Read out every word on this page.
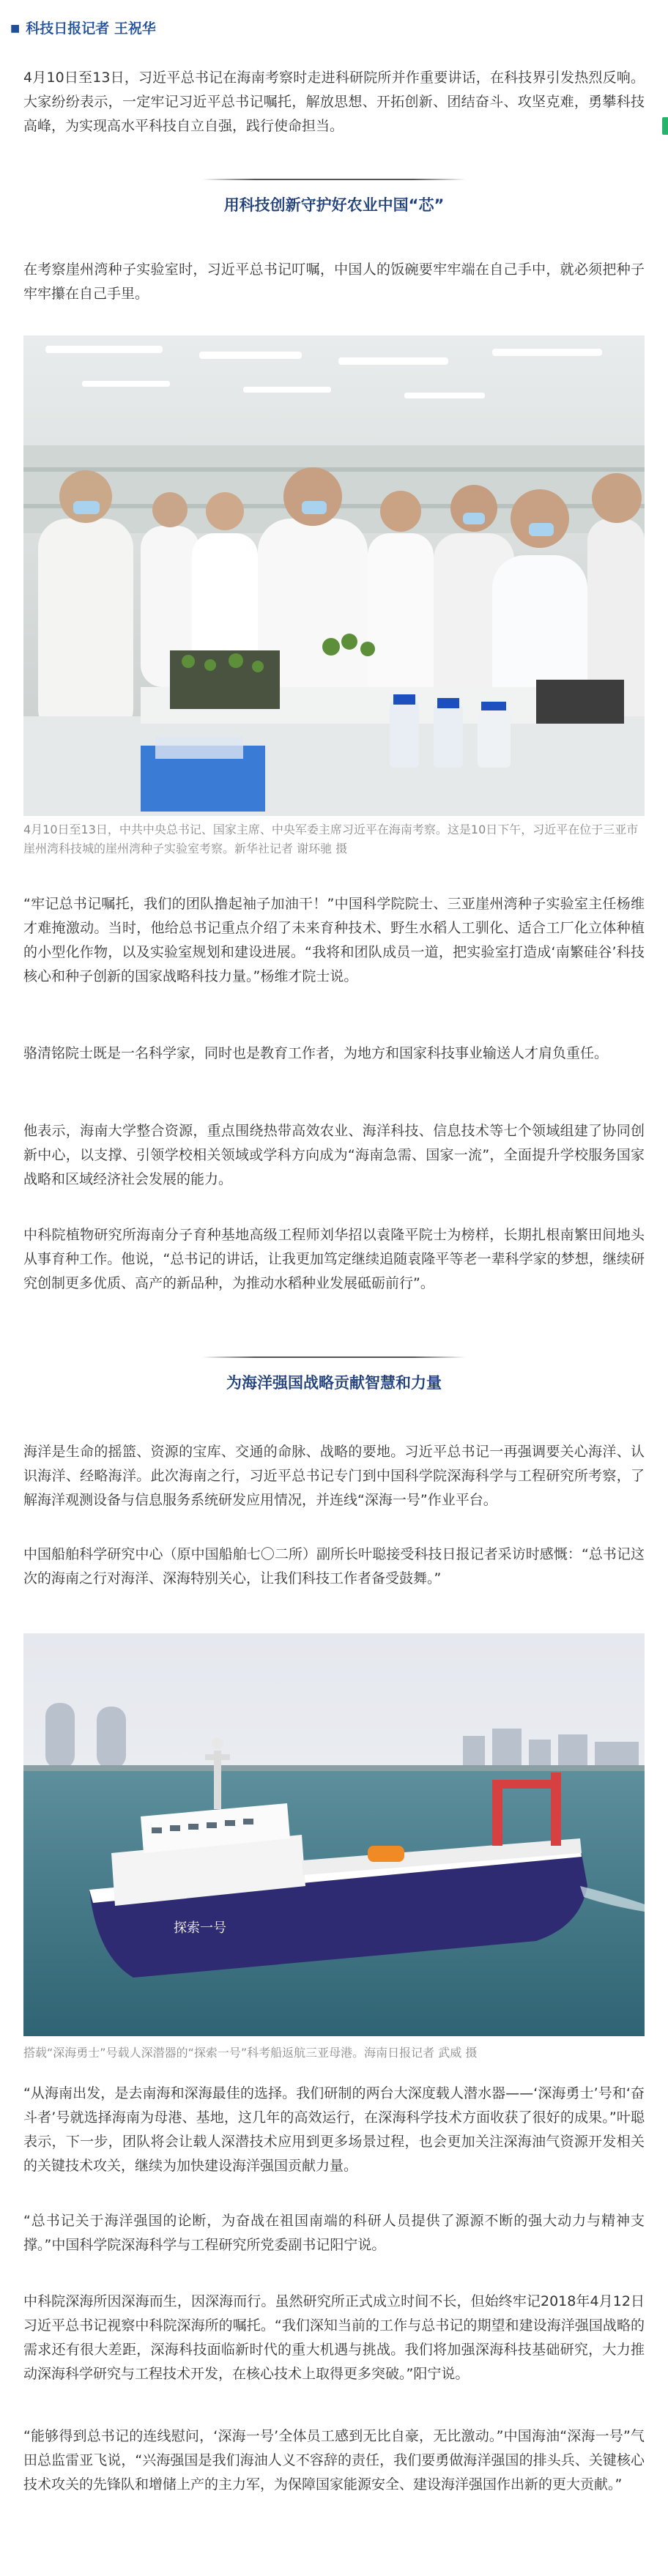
■ 科技日报记者 王祝华

4月10日至13日，习近平总书记在海南考察时走进科研院所并作重要讲话，在科技界引发热烈反响。大家纷纷表示，一定牢记习近平总书记嘱托，解放思想、开拓创新、团结奋斗、攻坚克难，勇攀科技高峰，为实现高水平科技自立自强，践行使命担当。

用科技创新守护好农业中国“芯”

在考察崖州湾种子实验室时，习近平总书记叮嘱，中国人的饭碗要牢牢端在自己手中，就必须把种子牢牢攥在自己手里。

4月10日至13日，中共中央总书记、国家主席、中央军委主席习近平在海南考察。这是10日下午，习近平在位于三亚市崖州湾科技城的崖州湾种子实验室考察。新华社记者 谢环驰 摄

“牢记总书记嘱托，我们的团队撸起袖子加油干！”中国科学院院士、三亚崖州湾种子实验室主任杨维才难掩激动。当时，他给总书记重点介绍了未来育种技术、野生水稻人工驯化、适合工厂化立体种植的小型化作物，以及实验室规划和建设进展。“我将和团队成员一道，把实验室打造成‘南繁硅谷’科技核心和种子创新的国家战略科技力量。”杨维才院士说。

骆清铭院士既是一名科学家，同时也是教育工作者，为地方和国家科技事业输送人才肩负重任。

他表示，海南大学整合资源，重点围绕热带高效农业、海洋科技、信息技术等七个领域组建了协同创新中心，以支撑、引领学校相关领域或学科方向成为“海南急需、国家一流”，全面提升学校服务国家战略和区域经济社会发展的能力。

中科院植物研究所海南分子育种基地高级工程师刘华招以袁隆平院士为榜样，长期扎根南繁田间地头从事育种工作。他说，“总书记的讲话，让我更加笃定继续追随袁隆平等老一辈科学家的梦想，继续研究创制更多优质、高产的新品种，为推动水稻种业发展砥砺前行”。

为海洋强国战略贡献智慧和力量

海洋是生命的摇篮、资源的宝库、交通的命脉、战略的要地。习近平总书记一再强调要关心海洋、认识海洋、经略海洋。此次海南之行，习近平总书记专门到中国科学院深海科学与工程研究所考察，了解海洋观测设备与信息服务系统研发应用情况，并连线“深海一号”作业平台。

中国船舶科学研究中心（原中国船舶七〇二所）副所长叶聪接受科技日报记者采访时感慨：“总书记这次的海南之行对海洋、深海特别关心，让我们科技工作者备受鼓舞。”

探索一号

搭载“深海勇士”号载人深潜器的“探索一号”科考船返航三亚母港。海南日报记者 武威 摄

“从海南出发，是去南海和深海最佳的选择。我们研制的两台大深度载人潜水器——‘深海勇士’号和‘奋斗者’号就选择海南为母港、基地，这几年的高效运行，在深海科学技术方面收获了很好的成果。”叶聪表示，下一步，团队将会让载人深潜技术应用到更多场景过程，也会更加关注深海油气资源开发相关的关键技术攻关，继续为加快建设海洋强国贡献力量。

“总书记关于海洋强国的论断，为奋战在祖国南端的科研人员提供了源源不断的强大动力与精神支撑。”中国科学院深海科学与工程研究所党委副书记阳宁说。

中科院深海所因深海而生，因深海而行。虽然研究所正式成立时间不长，但始终牢记2018年4月12日习近平总书记视察中科院深海所的嘱托。“我们深知当前的工作与总书记的期望和建设海洋强国战略的需求还有很大差距，深海科技面临新时代的重大机遇与挑战。我们将加强深海科技基础研究，大力推动深海科学研究与工程技术开发，在核心技术上取得更多突破。”阳宁说。

“能够得到总书记的连线慰问，‘深海一号’全体员工感到无比自豪，无比激动。”中国海油“深海一号”气田总监雷亚飞说，“兴海强国是我们海油人义不容辞的责任，我们要勇做海洋强国的排头兵、关键核心技术攻关的先锋队和增储上产的主力军，为保障国家能源安全、建设海洋强国作出新的更大贡献。”
